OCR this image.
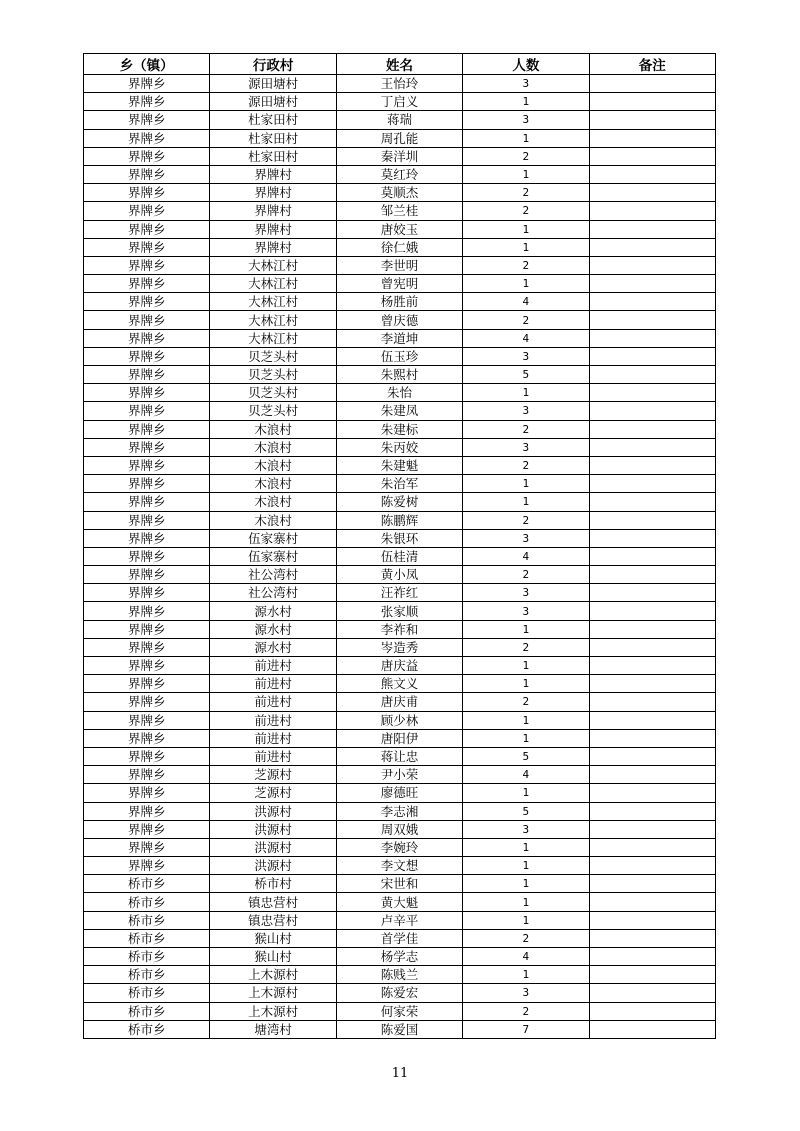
乡（镇）	行政村	姓名	人数	备注
界牌乡	源田塘村	王怡玲	3	
界牌乡	源田塘村	丁启义	1	
界牌乡	杜家田村	蒋瑞	3	
界牌乡	杜家田村	周孔能	1	
界牌乡	杜家田村	秦洋圳	2	
界牌乡	界牌村	莫红玲	1	
界牌乡	界牌村	莫顺杰	2	
界牌乡	界牌村	邹兰桂	2	
界牌乡	界牌村	唐姣玉	1	
界牌乡	界牌村	徐仁娥	1	
界牌乡	大林江村	李世明	2	
界牌乡	大林江村	曾宪明	1	
界牌乡	大林江村	杨胜前	4	
界牌乡	大林江村	曾庆德	2	
界牌乡	大林江村	李道坤	4	
界牌乡	贝芝头村	伍玉珍	3	
界牌乡	贝芝头村	朱熙村	5	
界牌乡	贝芝头村	朱怡	1	
界牌乡	贝芝头村	朱建凤	3	
界牌乡	木浪村	朱建标	2	
界牌乡	木浪村	朱丙姣	3	
界牌乡	木浪村	朱建魁	2	
界牌乡	木浪村	朱治军	1	
界牌乡	木浪村	陈爱树	1	
界牌乡	木浪村	陈鹏辉	2	
界牌乡	伍家寨村	朱银环	3	
界牌乡	伍家寨村	伍桂清	4	
界牌乡	社公湾村	黄小凤	2	
界牌乡	社公湾村	汪祚红	3	
界牌乡	源水村	张家顺	3	
界牌乡	源水村	李祚和	1	
界牌乡	源水村	岑造秀	2	
界牌乡	前进村	唐庆益	1	
界牌乡	前进村	熊文义	1	
界牌乡	前进村	唐庆甫	2	
界牌乡	前进村	顾少林	1	
界牌乡	前进村	唐阳伊	1	
界牌乡	前进村	蒋让忠	5	
界牌乡	芝源村	尹小荣	4	
界牌乡	芝源村	廖德旺	1	
界牌乡	洪源村	李志湘	5	
界牌乡	洪源村	周双娥	3	
界牌乡	洪源村	李婉玲	1	
界牌乡	洪源村	李文想	1	
桥市乡	桥市村	宋世和	1	
桥市乡	镇忠营村	黄大魁	1	
桥市乡	镇忠营村	卢辛平	1	
桥市乡	猴山村	首学佳	2	
桥市乡	猴山村	杨学志	4	
桥市乡	上木源村	陈贱兰	1	
桥市乡	上木源村	陈爱宏	3	
桥市乡	上木源村	何家荣	2	
桥市乡	塘湾村	陈爱国	7	
11
